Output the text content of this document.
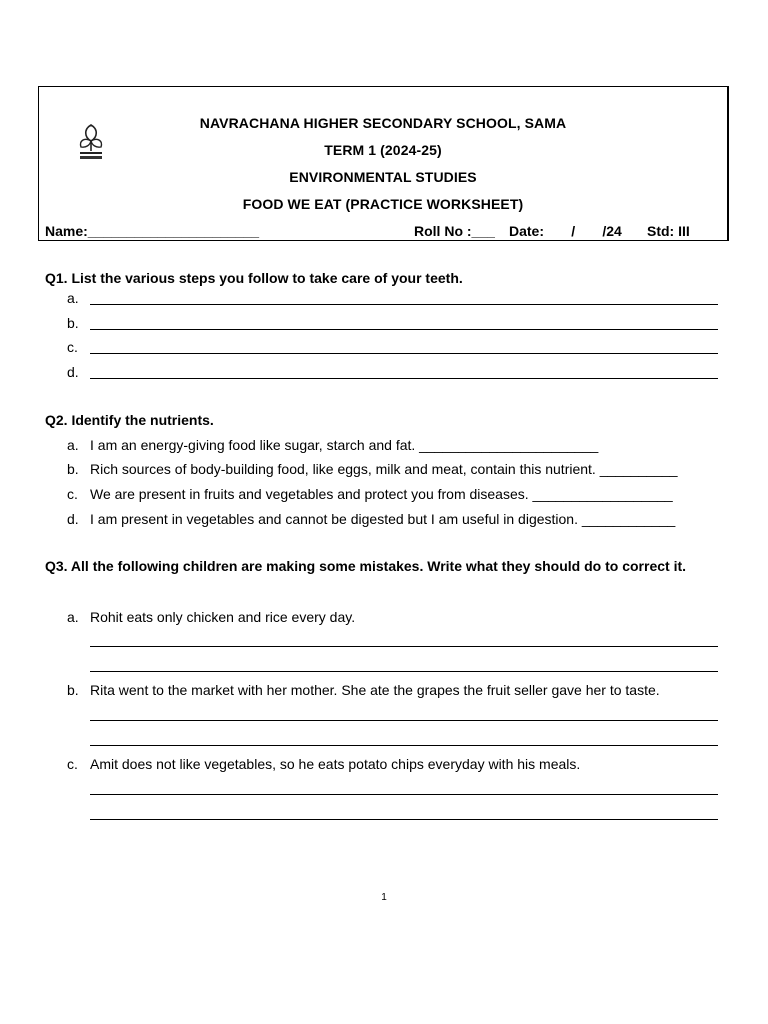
NAVRACHANA HIGHER SECONDARY SCHOOL, SAMA
TERM 1 (2024-25)
ENVIRONMENTAL STUDIES
FOOD WE EAT (PRACTICE WORKSHEET)
Name:______________________	Roll No :___ Date:       /       /24 Std: III
Q1. List the various steps you follow to take care of your teeth.
a.
b.
c.
d.
Q2. Identify the nutrients.
a. I am an energy-giving food like sugar, starch and fat. _______________________
b. Rich sources of body-building food, like eggs, milk and meat, contain this nutrient. __________
c. We are present in fruits and vegetables and protect you from diseases. __________________
d. I am present in vegetables and cannot be digested but I am useful in digestion. ____________
Q3. All the following children are making some mistakes. Write what they should do to correct it.
a. Rohit eats only chicken and rice every day.
b. Rita went to the market with her mother. She ate the grapes the fruit seller gave her to taste.
c. Amit does not like vegetables, so he eats potato chips everyday with his meals.
1
